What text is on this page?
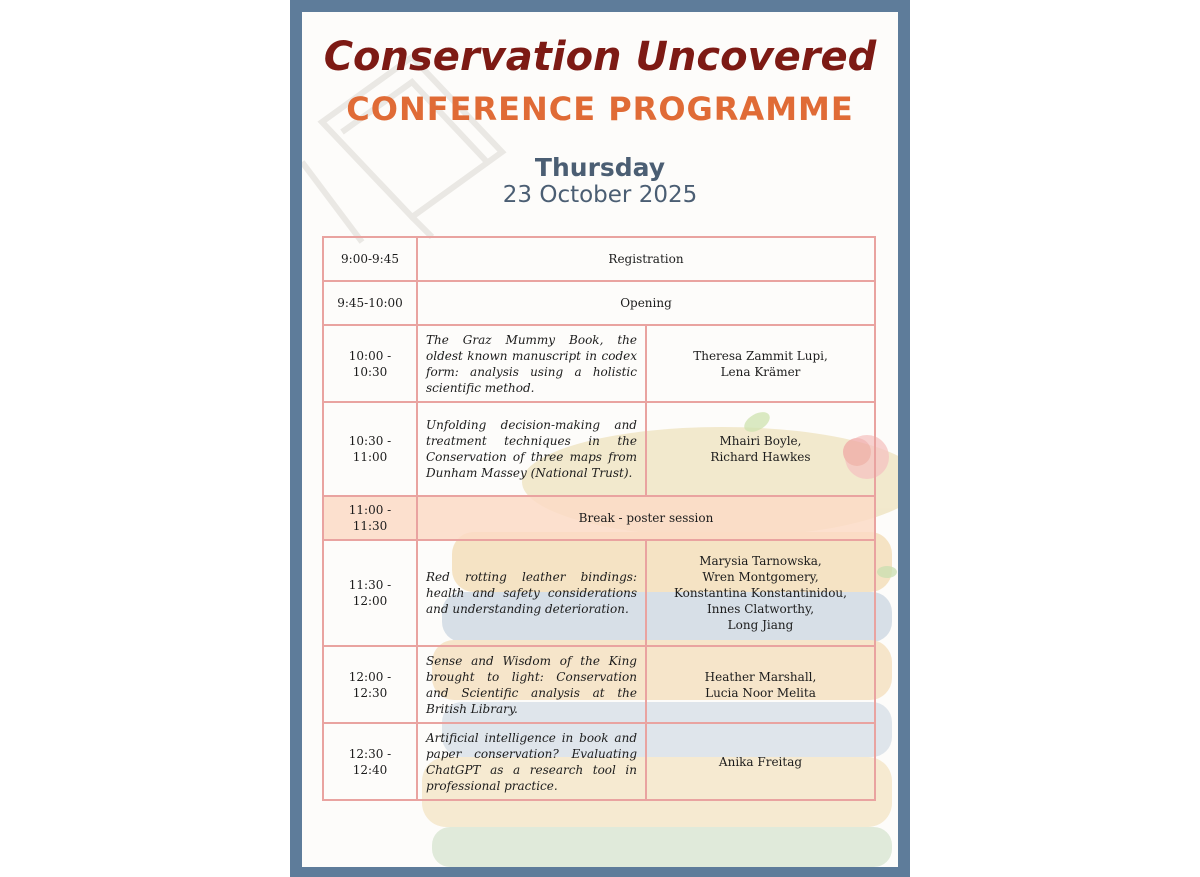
Conservation Uncovered
CONFERENCE PROGRAMME
Thursday
23 October 2025
9:00-9:45	Registration	
9:45-10:00	Opening	
10:00 - 10:30	The Graz Mummy Book, the oldest known manuscript in codex form: analysis using a holistic scientific method.	Theresa Zammit Lupi,
Lena Krämer

10:30 - 11:00	Unfolding decision-making and treatment techniques in the Conservation of three maps from Dunham Massey (National Trust).	Mhairi Boyle,
Richard Hawkes

11:00 - 11:30	Break - poster session	
11:30 - 12:00	Red rotting leather bindings: health and safety considerations and understanding deterioration.	Marysia Tarnowska,
Wren Montgomery,
Konstantina Konstantinidou,
Innes Clatworthy,
Long Jiang

12:00 - 12:30	Sense and Wisdom of the King brought to light: Conservation and Scientific analysis at the British Library.	Heather Marshall,
Lucia Noor Melita

12:30 - 12:40	Artificial intelligence in book and paper conservation? Evaluating ChatGPT as a research tool in professional practice.	Anika Freitag
